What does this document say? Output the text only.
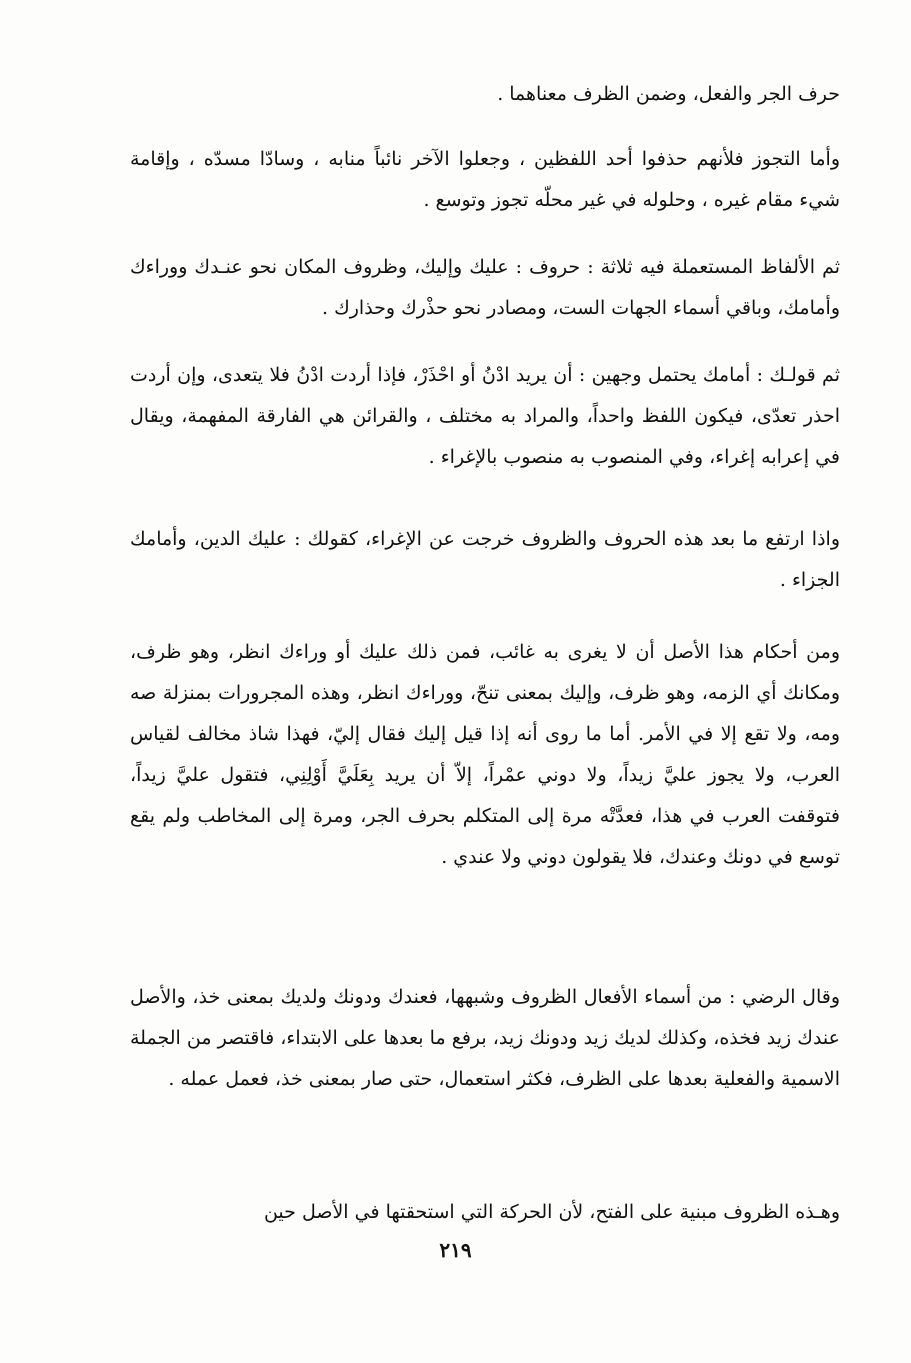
حرف الجر والفعل، وضمن الظرف معناهما .

وأما التجوز فلأنهم حذفوا أحد اللفظين ، وجعلوا الآخر نائباً منابه ، وسادّا مسدّه ، وإقامة شيء مقام غيره ، وحلوله في غير محلّه تجوز وتوسع .

ثم الألفاظ المستعملة فيه ثلاثة : حروف : عليك وإليك، وظروف المكان نحو عنـدك ووراءك وأمامك، وباقي أسماء الجهات الست، ومصادر نحو حذْرك وحذارك .

ثم قولـك : أمامك يحتمل وجهين : أن يريد ادْنُ أو احْذَرْ، فإذا أردت ادْنُ فلا يتعدى، وإن أردت احذر تعدّى، فيكون اللفظ واحداً، والمراد به مختلف ، والقرائن هي الفارقة المفهمة، ويقال في إعرابه إغراء، وفي المنصوب به منصوب بالإغراء .

واذا ارتفع ما بعد هذه الحروف والظروف خرجت عن الإغراء، كقولك : عليك الدين، وأمامك الجزاء .

ومن أحكام هذا الأصل أن لا يغرى به غائب، فمن ذلك عليك أو وراءك انظر، وهو ظرف، ومكانك أي الزمه، وهو ظرف، وإليك بمعنى تنحّ، ووراءك انظر، وهذه المجرورات بمنزلة صه ومه، ولا تقع إلا في الأمر. أما ما روى أنه إذا قيل إليك فقال إليّ، فهذا شاذ مخالف لقياس العرب، ولا يجوز عليَّ زيداً، ولا دوني عمْراً، إلاّ أن يريد بِعَلَيَّ أَوْلِنِي، فتقول عليَّ زيداً، فتوقفت العرب في هذا، فعدَّتْه مرة إلى المتكلم بحرف الجر، ومرة إلى المخاطب ولم يقع توسع في دونك وعندك، فلا يقولون دوني ولا عندي .

وقال الرضي : من أسماء الأفعال الظروف وشبهها، فعندك ودونك ولديك بمعنى خذ، والأصل عندك زيد فخذه، وكذلك لديك زيد ودونك زيد، برفع ما بعدها على الابتداء، فاقتصر من الجملة الاسمية والفعلية بعدها على الظرف، فكثر استعمال، حتى صار بمعنى خذ، فعمل عمله .

وهـذه الظروف مبنية على الفتح، لأن الحركة التي استحقتها في الأصل حين

٢١٩
